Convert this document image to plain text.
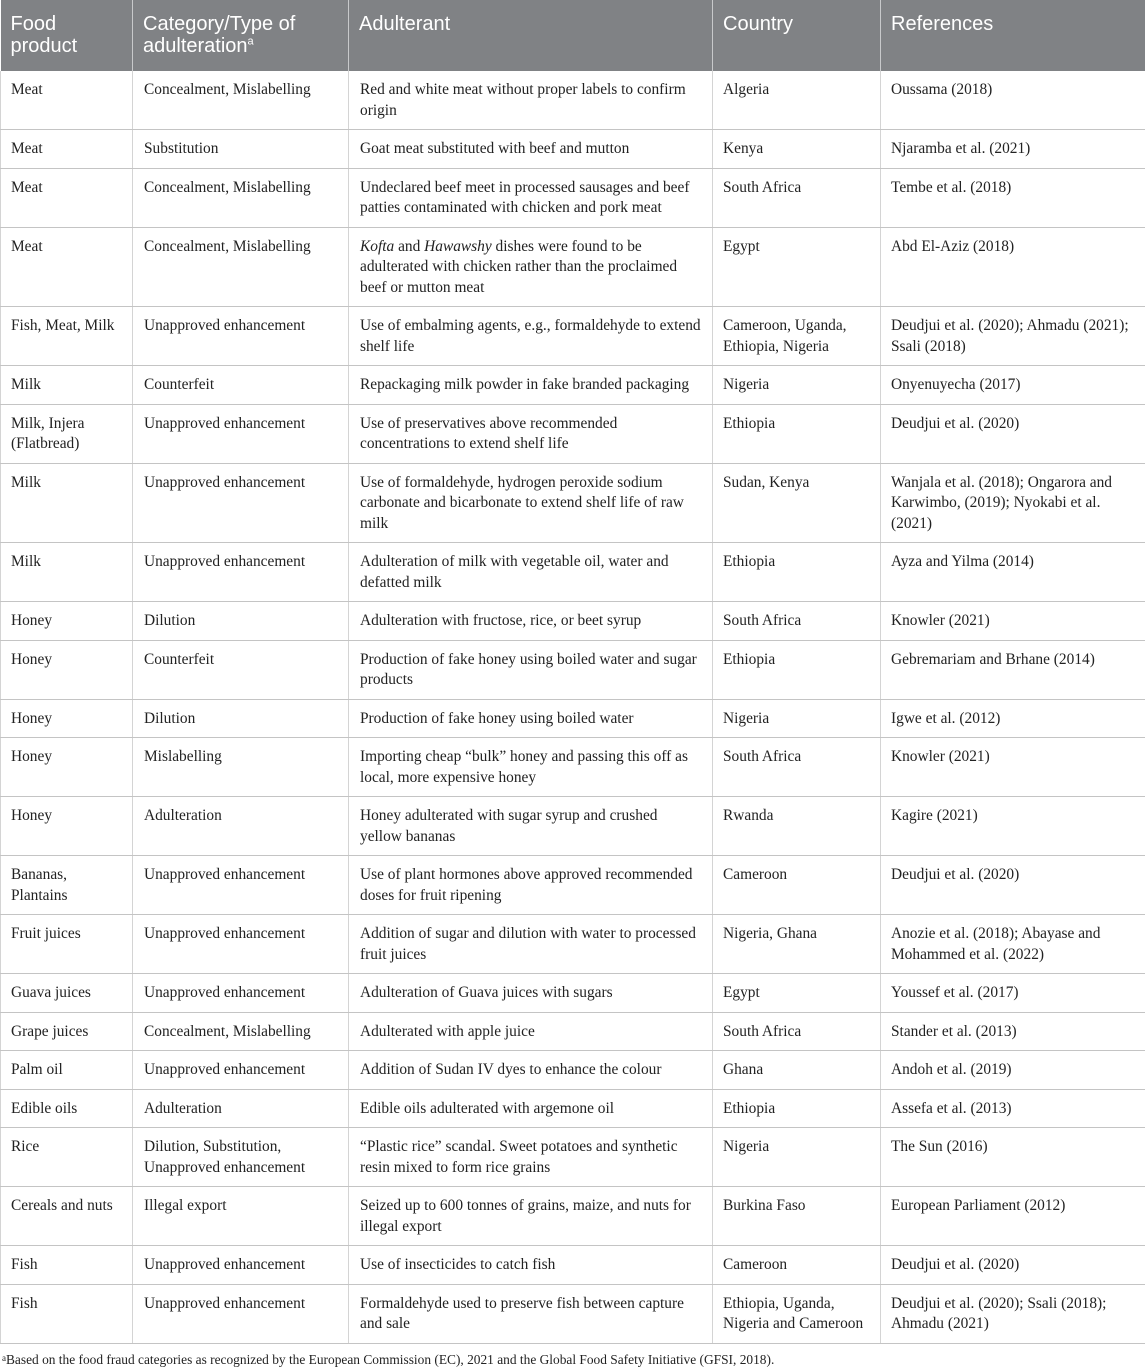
Food product	Category/Type of adulteration$^a$	Adulterant	Country	References
Meat	Concealment, Mislabelling	Red and white meat without proper labels to confirm origin	Algeria	Oussama (2018)
Meat	Substitution	Goat meat substituted with beef and mutton	Kenya	Njaramba et al. (2021)
Meat	Concealment, Mislabelling	Undeclared beef meet in processed sausages and beef patties contaminated with chicken and pork meat	South Africa	Tembe et al. (2018)
Meat	Concealment, Mislabelling	Kofta and Hawawshy dishes were found to be adulterated with chicken rather than the proclaimed beef or mutton meat	Egypt	Abd El-Aziz (2018)
Fish, Meat, Milk	Unapproved enhancement	Use of embalming agents, e.g., formaldehyde to extend shelf life	Cameroon, Uganda, Ethiopia, Nigeria	Deudjui et al. (2020); Ahmadu (2021); Ssali (2018)
Milk	Counterfeit	Repackaging milk powder in fake branded packaging	Nigeria	Onyenuyecha (2017)
Milk, Injera (Flatbread)	Unapproved enhancement	Use of preservatives above recommended concentrations to extend shelf life	Ethiopia	Deudjui et al. (2020)
Milk	Unapproved enhancement	Use of formaldehyde, hydrogen peroxide sodium carbonate and bicarbonate to extend shelf life of raw milk	Sudan, Kenya	Wanjala et al. (2018); Ongarora and Karwimbo, (2019); Nyokabi et al. (2021)
Milk	Unapproved enhancement	Adulteration of milk with vegetable oil, water and defatted milk	Ethiopia	Ayza and Yilma (2014)
Honey	Dilution	Adulteration with fructose, rice, or beet syrup	South Africa	Knowler (2021)
Honey	Counterfeit	Production of fake honey using boiled water and sugar products	Ethiopia	Gebremariam and Brhane (2014)
Honey	Dilution	Production of fake honey using boiled water	Nigeria	Igwe et al. (2012)
Honey	Mislabelling	Importing cheap “bulk” honey and passing this off as local, more expensive honey	South Africa	Knowler (2021)
Honey	Adulteration	Honey adulterated with sugar syrup and crushed yellow bananas	Rwanda	Kagire (2021)
Bananas, Plantains	Unapproved enhancement	Use of plant hormones above approved recommended doses for fruit ripening	Cameroon	Deudjui et al. (2020)
Fruit juices	Unapproved enhancement	Addition of sugar and dilution with water to processed fruit juices	Nigeria, Ghana	Anozie et al. (2018); Abayase and Mohammed et al. (2022)
Guava juices	Unapproved enhancement	Adulteration of Guava juices with sugars	Egypt	Youssef et al. (2017)
Grape juices	Concealment, Mislabelling	Adulterated with apple juice	South Africa	Stander et al. (2013)
Palm oil	Unapproved enhancement	Addition of Sudan IV dyes to enhance the colour	Ghana	Andoh et al. (2019)
Edible oils	Adulteration	Edible oils adulterated with argemone oil	Ethiopia	Assefa et al. (2013)
Rice	Dilution, Substitution, Unapproved enhancement	“Plastic rice” scandal. Sweet potatoes and synthetic resin mixed to form rice grains	Nigeria	The Sun (2016)
Cereals and nuts	Illegal export	Seized up to 600 tonnes of grains, maize, and nuts for illegal export	Burkina Faso	European Parliament (2012)
Fish	Unapproved enhancement	Use of insecticides to catch fish	Cameroon	Deudjui et al. (2020)
Fish	Unapproved enhancement	Formaldehyde used to preserve fish between capture and sale	Ethiopia, Uganda, Nigeria and Cameroon	Deudjui et al. (2020); Ssali (2018); Ahmadu (2021)
$^a$Based on the food fraud categories as recognized by the European Commission (EC), 2021 and the Global Food Safety Initiative (GFSI, 2018).
